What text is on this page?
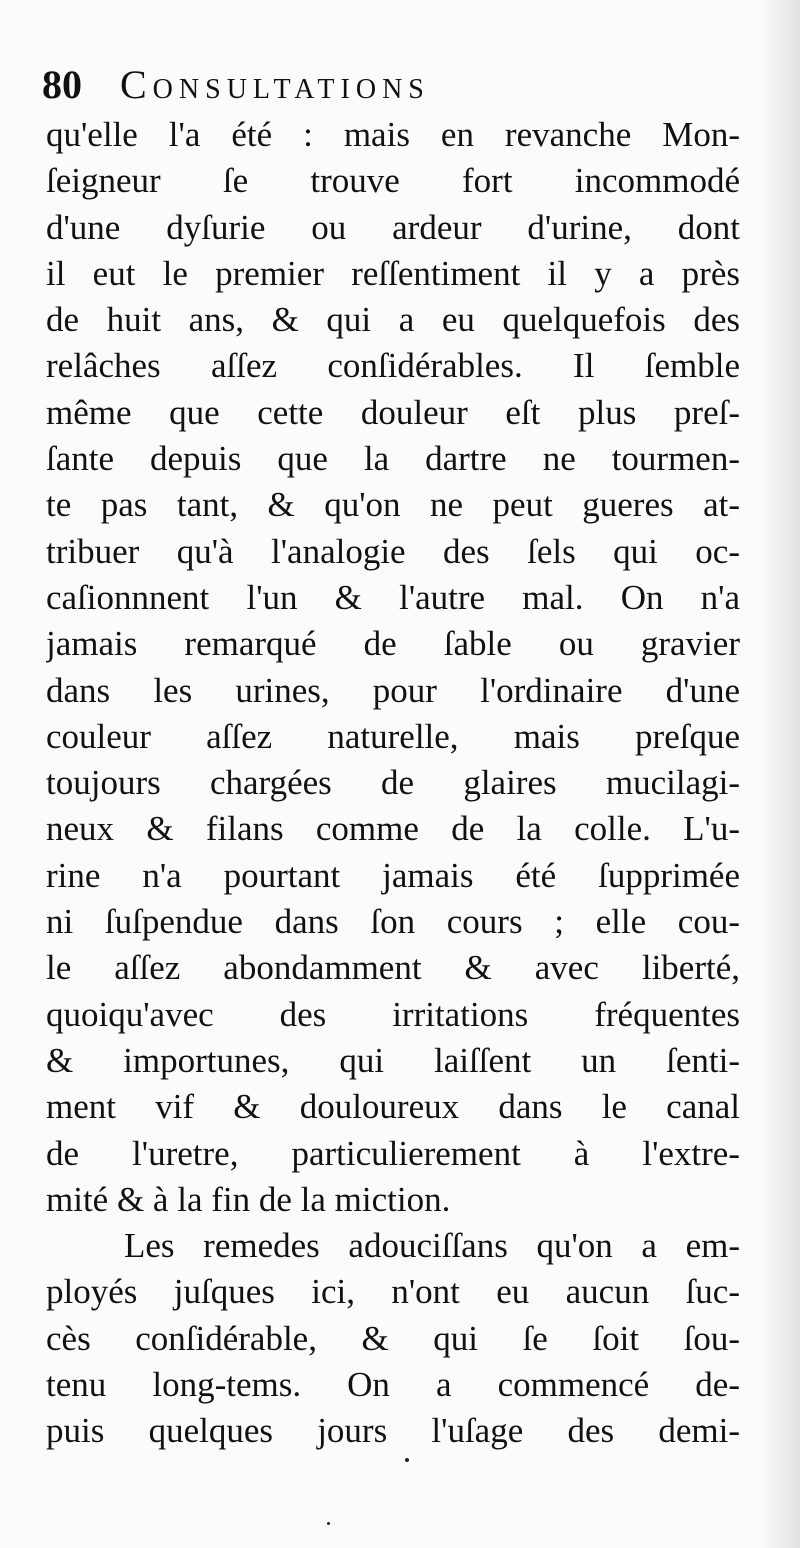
80 Consultations
qu'elle l'a été : mais en revanche Mon-
ſeigneur ſe trouve fort incommodé
d'une dyſurie ou ardeur d'urine, dont
il eut le premier reſſentiment il y a près
de huit ans, & qui a eu quelquefois des
relâches aſſez conſidérables. Il ſemble
même que cette douleur eſt plus preſ-
ſante depuis que la dartre ne tourmen-
te pas tant, & qu'on ne peut gueres at-
tribuer qu'à l'analogie des ſels qui oc-
caſionnnent l'un & l'autre mal. On n'a
jamais remarqué de ſable ou gravier
dans les urines, pour l'ordinaire d'une
couleur aſſez naturelle, mais preſque
toujours chargées de glaires mucilagi-
neux & filans comme de la colle. L'u-
rine n'a pourtant jamais été ſupprimée
ni ſuſpendue dans ſon cours ; elle cou-
le aſſez abondamment & avec liberté,
quoiqu'avec des irritations fréquentes
& importunes, qui laiſſent un ſenti-
ment vif & douloureux dans le canal
de l'uretre, particulierement à l'extre-
mité & à la fin de la miction.
Les remedes adouciſſans qu'on a em-
ployés juſques ici, n'ont eu aucun ſuc-
cès conſidérable, & qui ſe ſoit ſou-
tenu long-tems. On a commencé de-
puis quelques jours l'uſage des demi-
